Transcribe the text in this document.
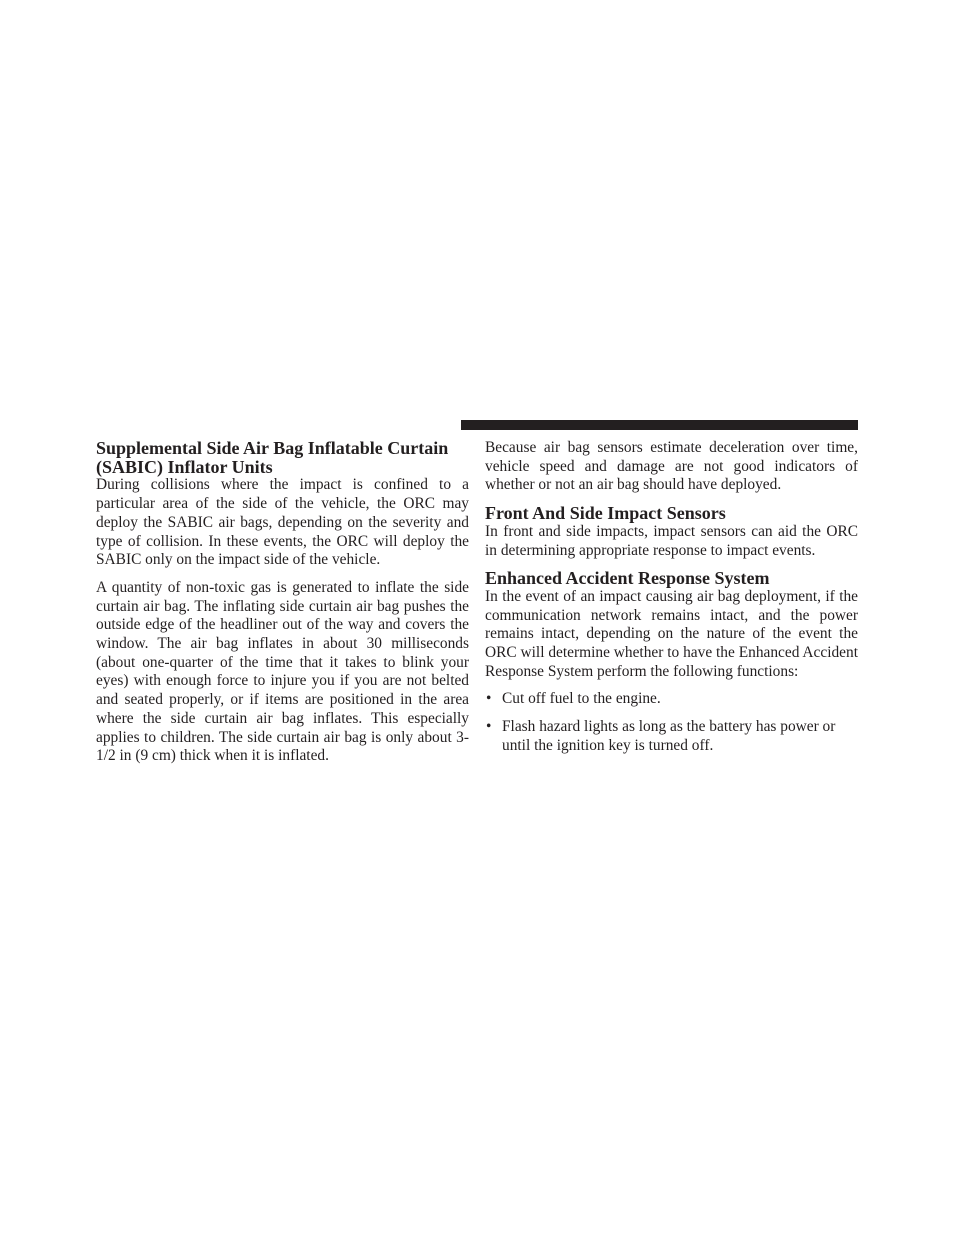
Supplemental Side Air Bag Inflatable Curtain (SABIC) Inflator Units

During collisions where the impact is confined to a particular area of the side of the vehicle, the ORC may deploy the SABIC air bags, depending on the severity and type of collision. In these events, the ORC will deploy the SABIC only on the impact side of the vehicle.

A quantity of non-toxic gas is generated to inflate the side curtain air bag. The inflating side curtain air bag pushes the outside edge of the headliner out of the way and covers the window. The air bag inflates in about 30 milliseconds (about one-quarter of the time that it takes to blink your eyes) with enough force to injure you if you are not belted and seated properly, or if items are positioned in the area where the side curtain air bag inflates. This especially applies to children. The side curtain air bag is only about 3-1/2 in (9 cm) thick when it is inflated.

Because air bag sensors estimate deceleration over time, vehicle speed and damage are not good indicators of whether or not an air bag should have deployed.

Front And Side Impact Sensors

In front and side impacts, impact sensors can aid the ORC in determining appropriate response to impact events.

Enhanced Accident Response System

In the event of an impact causing air bag deployment, if the communication network remains intact, and the power remains intact, depending on the nature of the event the ORC will determine whether to have the Enhanced Accident Response System perform the following functions:

• Cut off fuel to the engine.
• Flash hazard lights as long as the battery has power or until the ignition key is turned off.
